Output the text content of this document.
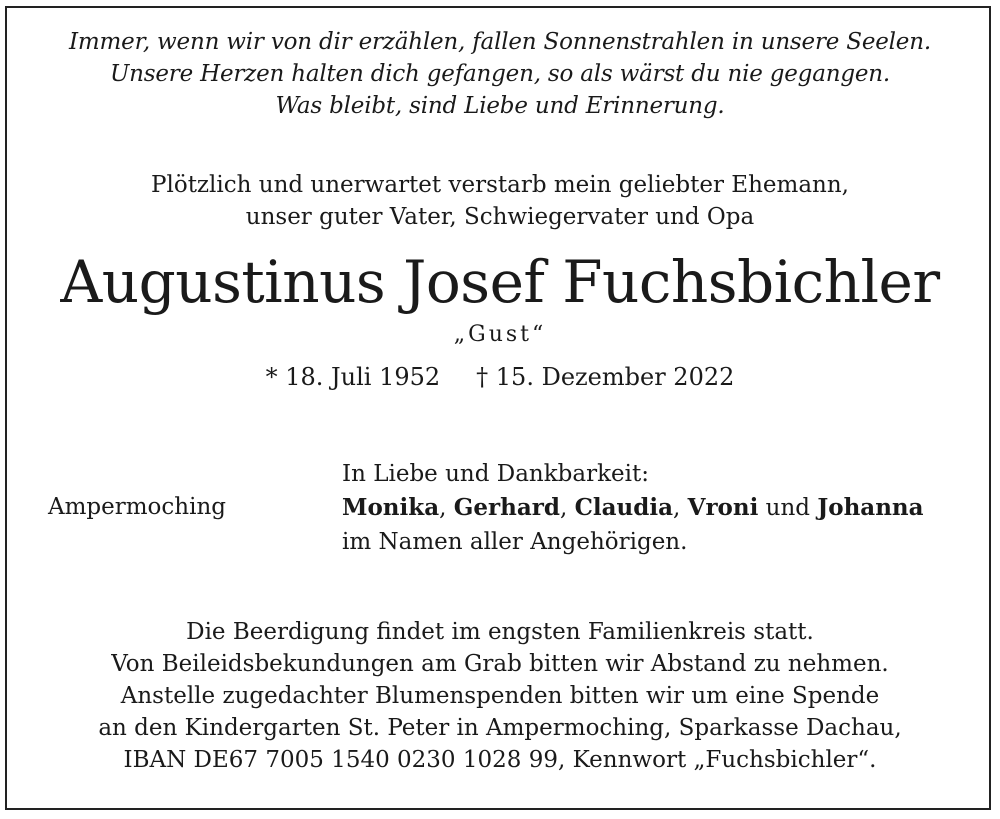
Immer, wenn wir von dir erzählen, fallen Sonnenstrahlen in unsere Seelen.
Unsere Herzen halten dich gefangen, so als wärst du nie gegangen.
Was bleibt, sind Liebe und Erinnerung.
Plötzlich und unerwartet verstarb mein geliebter Ehemann,
unser guter Vater, Schwiegervater und Opa
Augustinus Josef Fuchsbichler
„Gust“
* 18. Juli 1952 † 15. Dezember 2022
Ampermoching
In Liebe und Dankbarkeit:
Monika, Gerhard, Claudia, Vroni und Johanna
im Namen aller Angehörigen.
Die Beerdigung findet im engsten Familienkreis statt.
Von Beileidsbekundungen am Grab bitten wir Abstand zu nehmen.
Anstelle zugedachter Blumenspenden bitten wir um eine Spende
an den Kindergarten St. Peter in Ampermoching, Sparkasse Dachau,
IBAN DE67 7005 1540 0230 1028 99, Kennwort „Fuchsbichler“.
